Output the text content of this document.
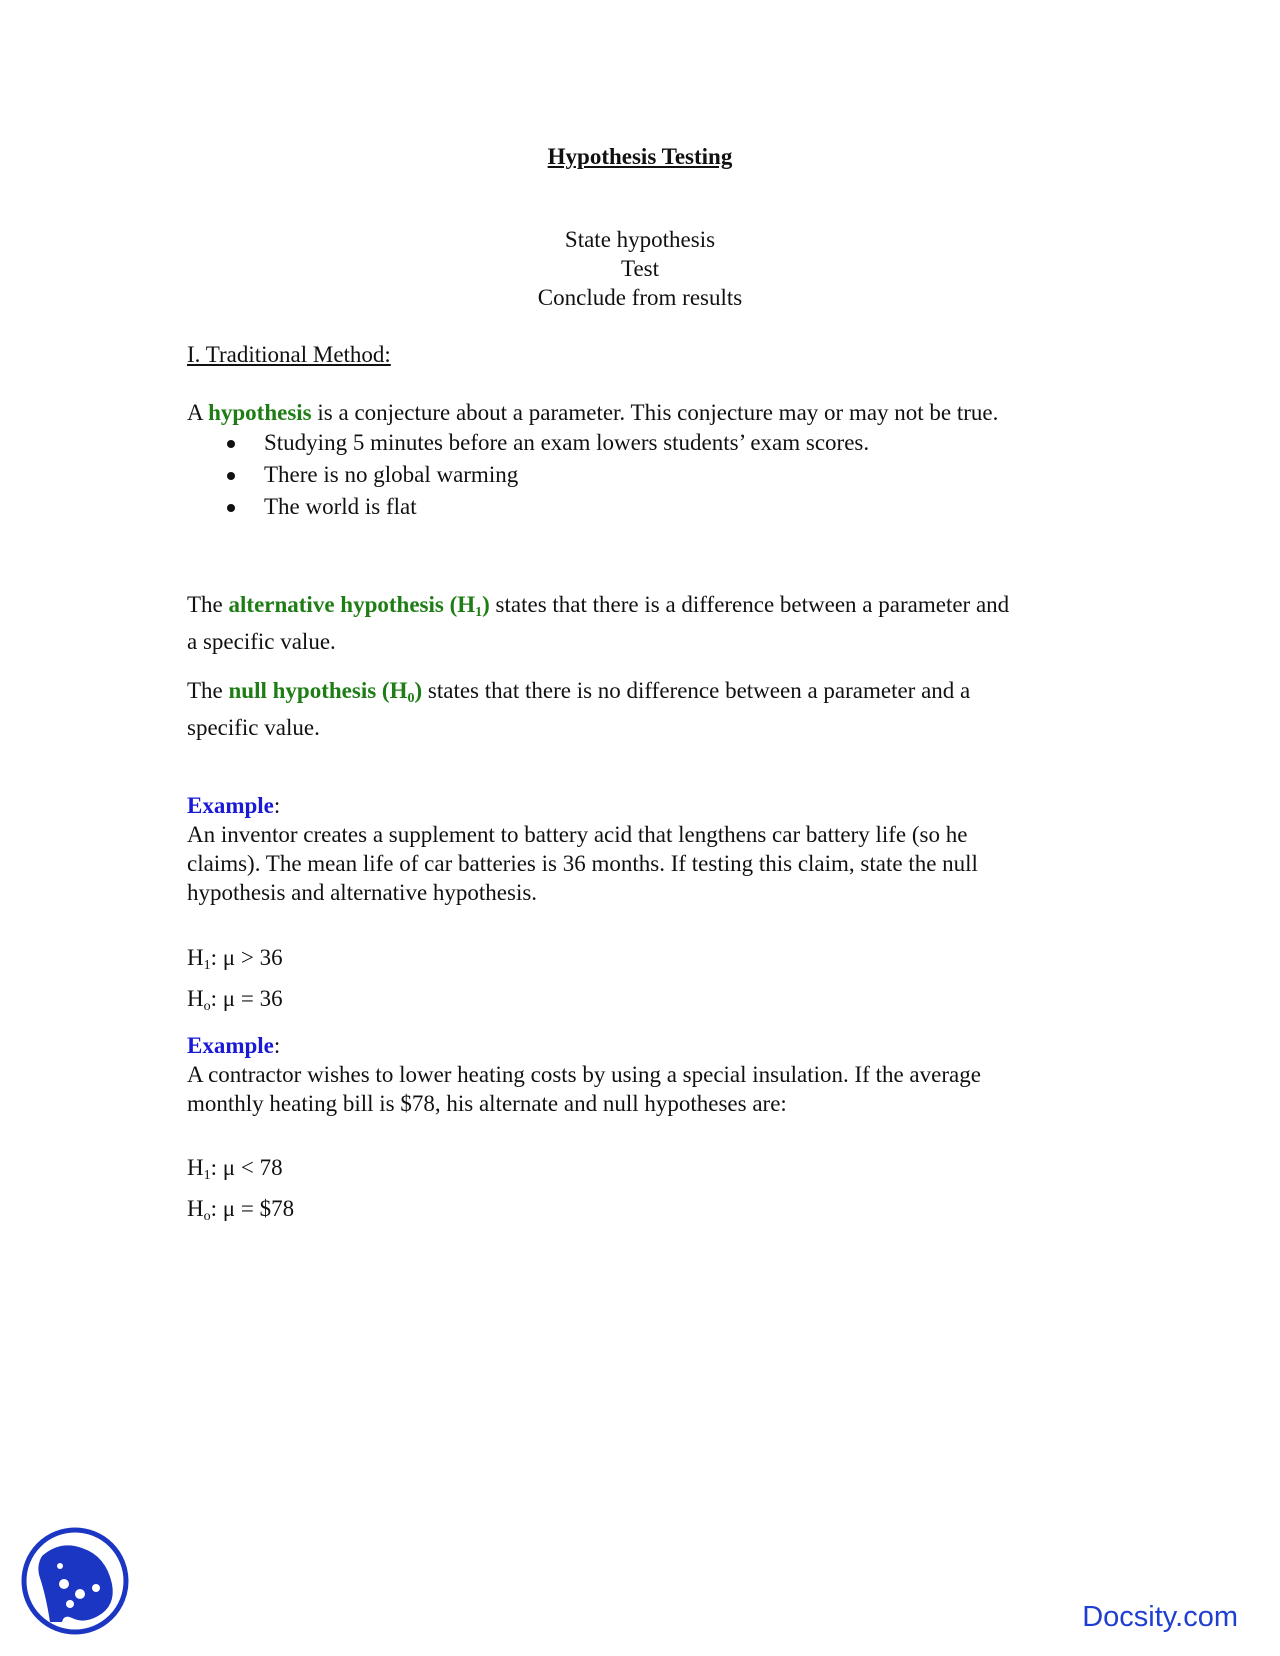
Hypothesis Testing
State hypothesis
Test
Conclude from results
I. Traditional Method:
A hypothesis is a conjecture about a parameter. This conjecture may or may not be true.
Studying 5 minutes before an exam lowers students’ exam scores.
There is no global warming
The world is flat
The alternative hypothesis $(H_1)$ states that there is a difference between a parameter and
a specific value.
The null hypothesis $(H_0)$ states that there is no difference between a parameter and a
specific value.
Example:
An inventor creates a supplement to battery acid that lengthens car battery life (so he
claims). The mean life of car batteries is 36 months. If testing this claim, state the null
hypothesis and alternative hypothesis.
$H_1$: μ > 36
$H_o$: μ = 36
Example:
A contractor wishes to lower heating costs by using a special insulation. If the average
monthly heating bill is $78, his alternate and null hypotheses are:
$H_1$: μ < 78
$H_o$: μ = $78
Docsity.com
